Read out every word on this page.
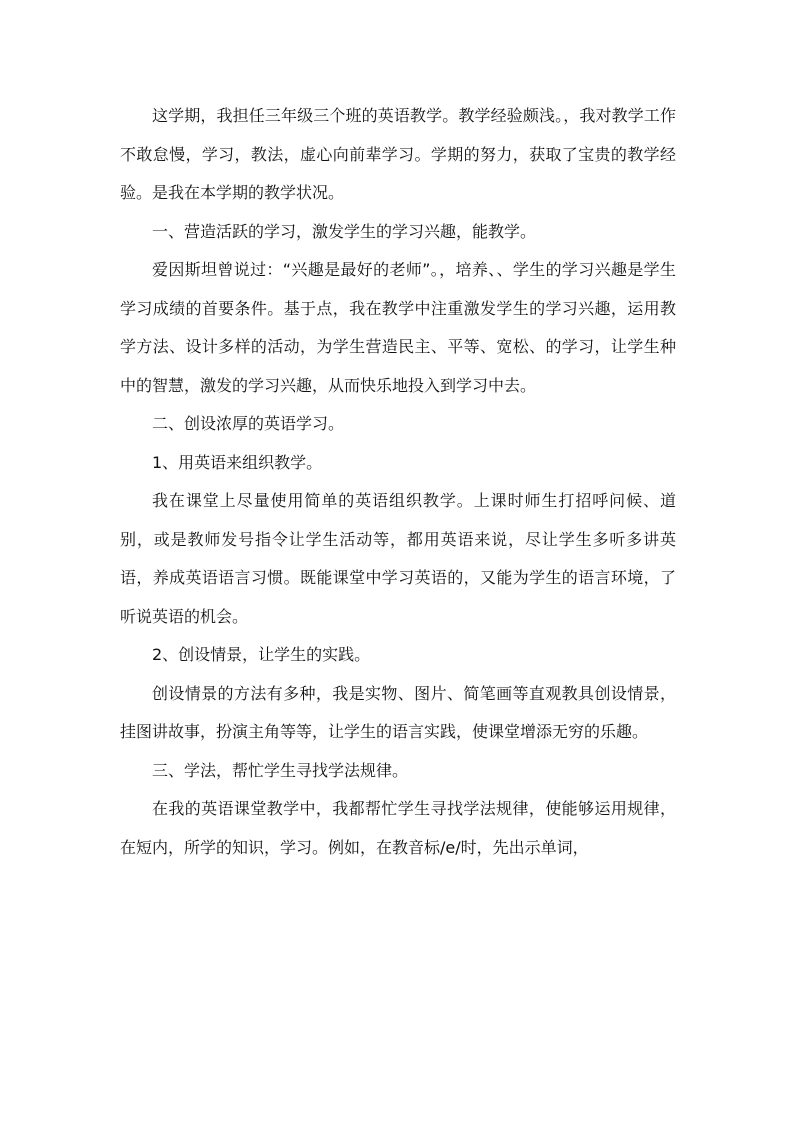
这学期，我担任三年级三个班的英语教学。教学经验颇浅。，我对教学工作不敢怠慢，学习，教法，虚心向前辈学习。学期的努力，获取了宝贵的教学经验。是我在本学期的教学状况。

一、营造活跃的学习，激发学生的学习兴趣，能教学。

爱因斯坦曾说过：“兴趣是最好的老师”。，培养、、学生的学习兴趣是学生学习成绩的首要条件。基于点，我在教学中注重激发学生的学习兴趣，运用教学方法、设计多样的活动，为学生营造民主、平等、宽松、的学习，让学生种中的智慧，激发的学习兴趣，从而快乐地投入到学习中去。

二、创设浓厚的英语学习。

1、用英语来组织教学。

我在课堂上尽量使用简单的英语组织教学。上课时师生打招呼问候、道别，或是教师发号指令让学生活动等，都用英语来说，尽让学生多听多讲英语，养成英语语言习惯。既能课堂中学习英语的，又能为学生的语言环境，了听说英语的机会。

2、创设情景，让学生的实践。

创设情景的方法有多种，我是实物、图片、简笔画等直观教具创设情景，挂图讲故事，扮演主角等等，让学生的语言实践，使课堂增添无穷的乐趣。

三、学法，帮忙学生寻找学法规律。

在我的英语课堂教学中，我都帮忙学生寻找学法规律，使能够运用规律，在短内，所学的知识，学习。例如，在教音标/e/时，先出示单词，
